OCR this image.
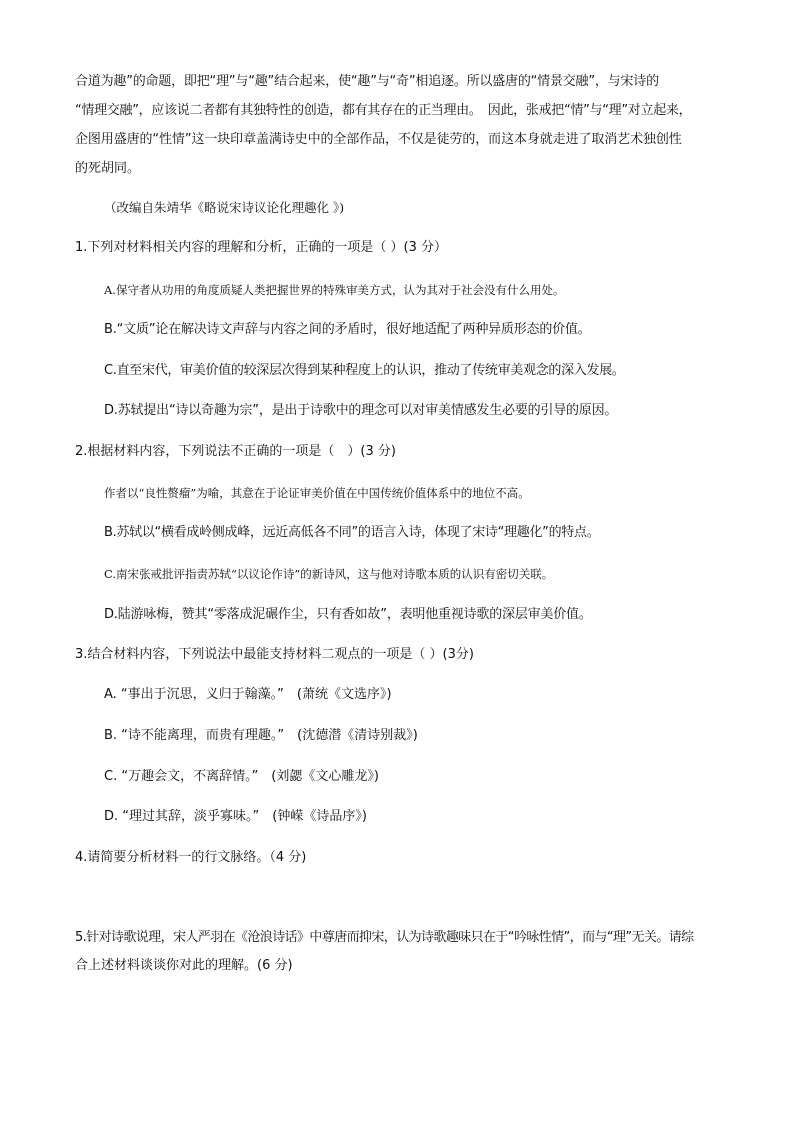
合道为趣”的命题，即把“理”与“趣”结合起来，使“趣”与“奇”相追逐。所以盛唐的“情景交融”，与宋诗的
“情理交融”，应该说二者都有其独特性的创造，都有其存在的正当理由。　因此，张戒把“情”与“理”对立起来，
企图用盛唐的“性情”这一块印章盖满诗史中的全部作品，不仅是徒劳的，而这本身就走进了取消艺术独创性
的死胡同。
（改编自朱靖华《略说宋诗议论化理趣化 》)
1.下列对材料相关内容的理解和分析，正确的一项是（ ）(3 分）
A.保守者从功用的角度质疑人类把握世界的特殊审美方式，认为其对于社会没有什么用处。
B.“文质”论在解决诗文声辞与内容之间的矛盾时，很好地适配了两种异质形态的价值。
C.直至宋代，审美价值的较深层次得到某种程度上的认识，推动了传统审美观念的深入发展。
D.苏轼提出“诗以奇趣为宗”，是出于诗歌中的理念可以对审美情感发生必要的引导的原因。
2.根据材料内容，下列说法不正确的一项是（　）(3 分)
作者以“良性赘瘤”为喻，其意在于论证审美价值在中国传统价值体系中的地位不高。
B.苏轼以“横看成岭侧成峰，远近高低各不同”的语言入诗，体现了宋诗“理趣化”的特点。
C.南宋张戒批评指责苏轼“以议论作诗”的新诗风，这与他对诗歌本质的认识有密切关联。
D.陆游咏梅，赞其“零落成泥碾作尘，只有香如故”，表明他重视诗歌的深层审美价值。
3.结合材料内容，下列说法中最能支持材料二观点的一项是（ ）(3分)
A. “事出于沉思，义归于翰藻。”　(萧统《文选序》)
B. “诗不能离理，而贵有理趣。”　(沈德潜《清诗别裁》)
C. “万趣会文，不离辞情。”　(刘勰《文心雕龙》)
D. “理过其辞，淡乎寡味。”　(钟嵘《诗品序》)
4.请简要分析材料一的行文脉络。（4 分)
5.针对诗歌说理，宋人严羽在《沧浪诗话》中尊唐而抑宋，认为诗歌趣味只在于“吟咏性情”，而与“理”无关。请综
合上述材料谈谈你对此的理解。(6 分)
